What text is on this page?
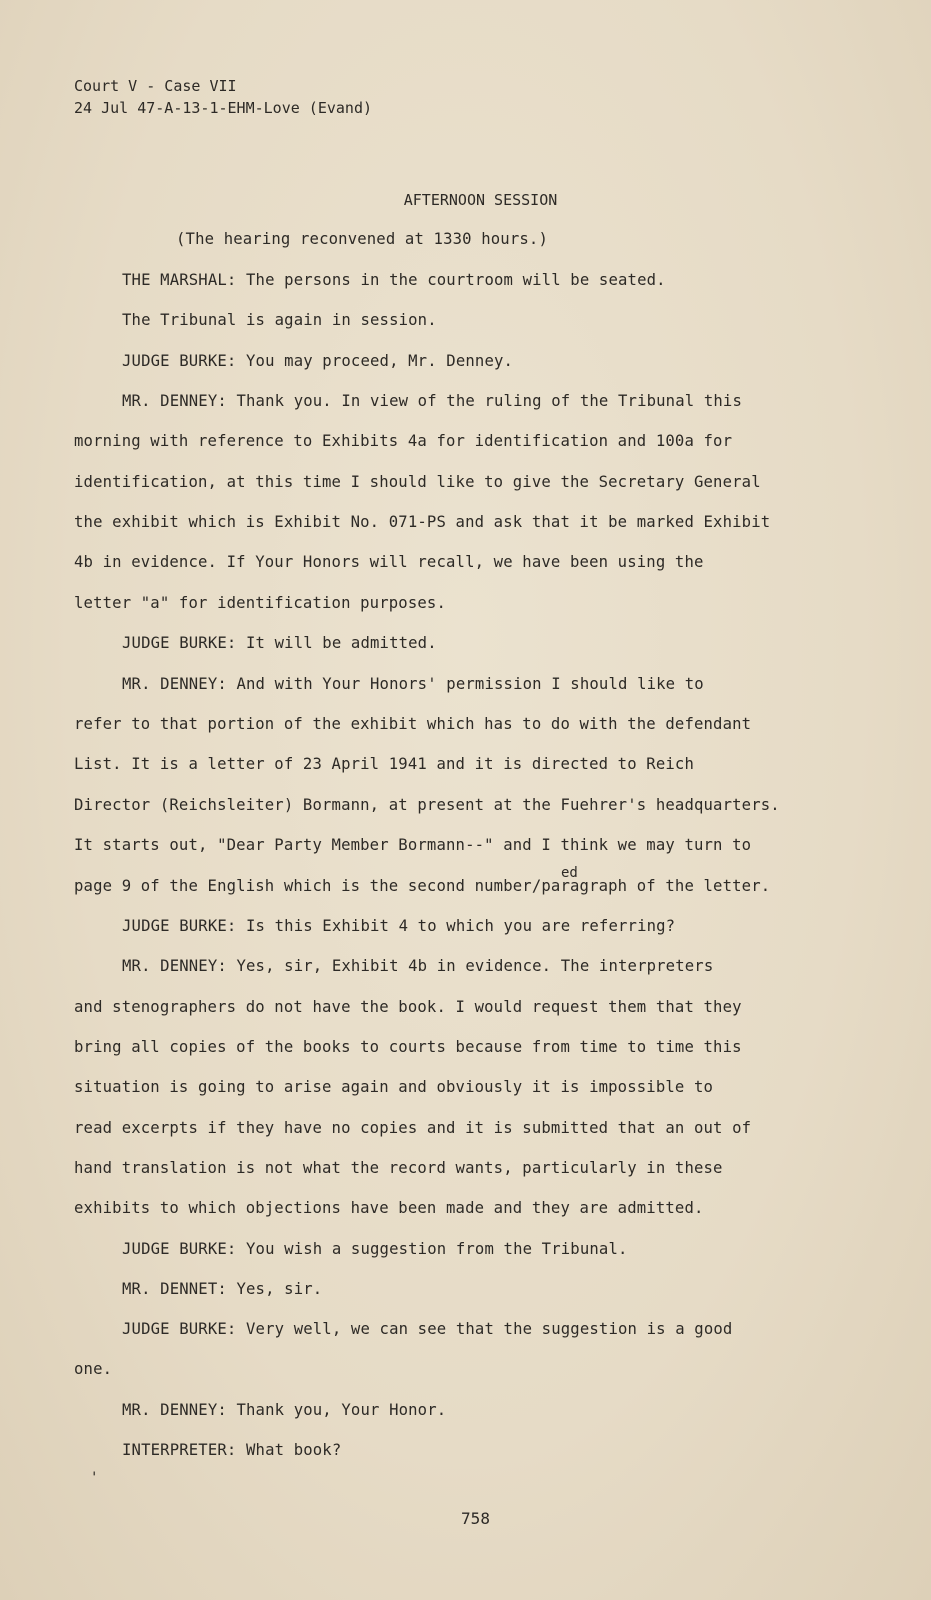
Court V - Case VII
24 Jul 47-A-13-1-EHM-Love (Evand)
AFTERNOON SESSION
(The hearing reconvened at 1330 hours.)
THE MARSHAL: The persons in the courtroom will be seated.
The Tribunal is again in session.
JUDGE BURKE: You may proceed, Mr. Denney.
MR. DENNEY: Thank you. In view of the ruling of the Tribunal this
morning with reference to Exhibits 4a for identification and 100a for
identification, at this time I should like to give the Secretary General
the exhibit which is Exhibit No. 071-PS and ask that it be marked Exhibit
4b in evidence. If Your Honors will recall, we have been using the
letter "a" for identification purposes.
JUDGE BURKE: It will be admitted.
MR. DENNEY: And with Your Honors' permission I should like to
refer to that portion of the exhibit which has to do with the defendant
List. It is a letter of 23 April 1941 and it is directed to Reich
Director (Reichsleiter) Bormann, at present at the Fuehrer's headquarters.
It starts out, "Dear Party Member Bormann--" and I think we may turn to
ed
page 9 of the English which is the second number/paragraph of the letter.
JUDGE BURKE: Is this Exhibit 4 to which you are referring?
MR. DENNEY: Yes, sir, Exhibit 4b in evidence. The interpreters
and stenographers do not have the book. I would request them that they
bring all copies of the books to courts because from time to time this
situation is going to arise again and obviously it is impossible to
read excerpts if they have no copies and it is submitted that an out of
hand translation is not what the record wants, particularly in these
exhibits to which objections have been made and they are admitted.
JUDGE BURKE: You wish a suggestion from the Tribunal.
MR. DENNET: Yes, sir.
JUDGE BURKE: Very well, we can see that the suggestion is a good
one.
MR. DENNEY: Thank you, Your Honor.
'
INTERPRETER: What book?
758
